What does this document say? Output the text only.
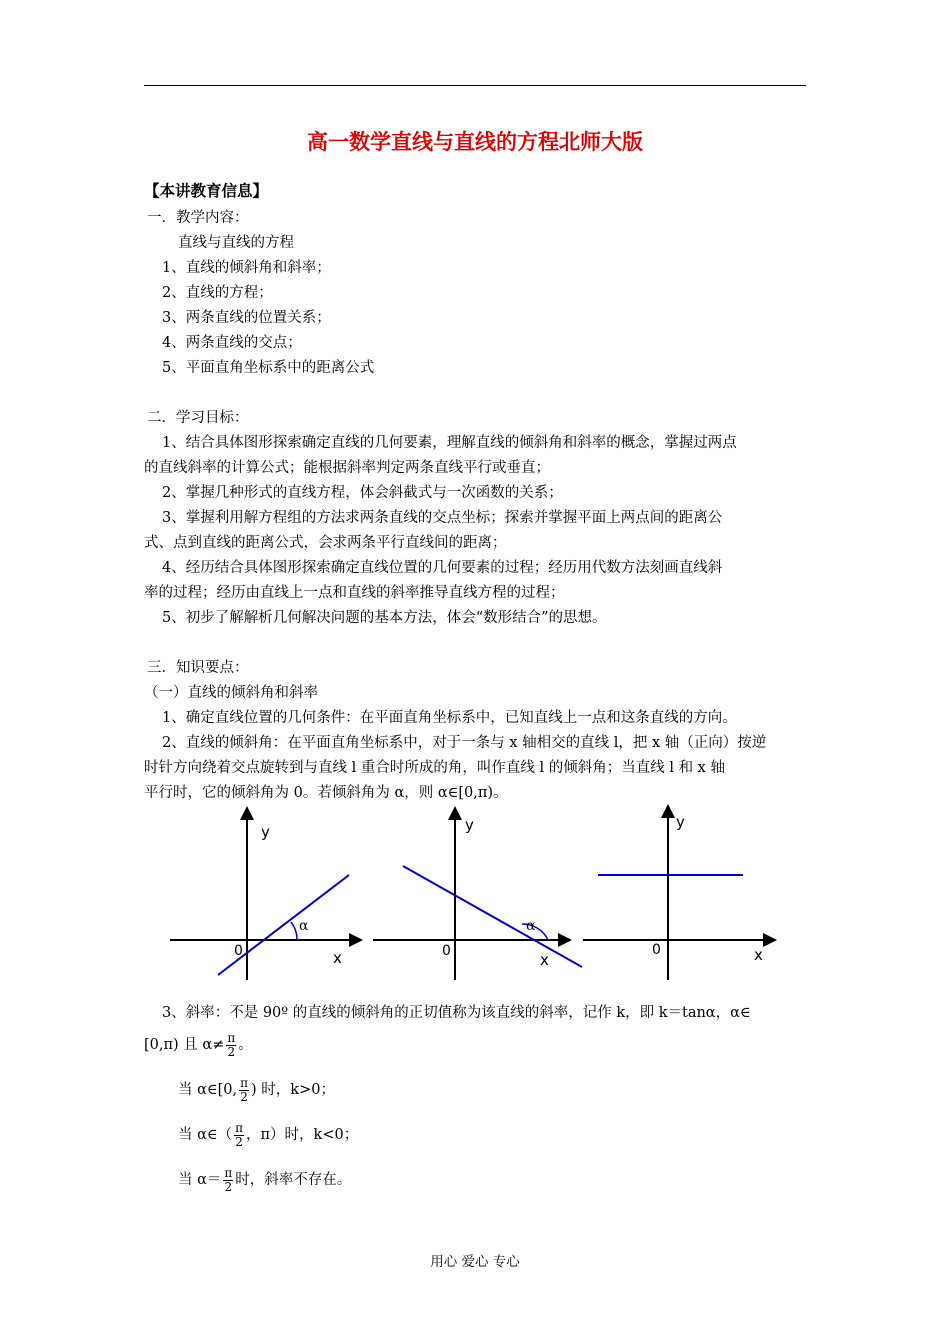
高一数学直线与直线的方程北师大版
【本讲教育信息】
一．教学内容：
直线与直线的方程
1、直线的倾斜角和斜率；
2、直线的方程；
3、两条直线的位置关系；
4、两条直线的交点；
5、平面直角坐标系中的距离公式
二．学习目标：
1、结合具体图形探索确定直线的几何要素，理解直线的倾斜角和斜率的概念，掌握过两点
的直线斜率的计算公式；能根据斜率判定两条直线平行或垂直；
2、掌握几种形式的直线方程，体会斜截式与一次函数的关系；
3、掌握利用解方程组的方法求两条直线的交点坐标；探索并掌握平面上两点间的距离公
式、点到直线的距离公式，会求两条平行直线间的距离；
4、经历结合具体图形探索确定直线位置的几何要素的过程；经历用代数方法刻画直线斜
率的过程；经历由直线上一点和直线的斜率推导直线方程的过程；
5、初步了解解析几何解决问题的基本方法，体会“数形结合”的思想。
三．知识要点：
（一）直线的倾斜角和斜率
1、确定直线位置的几何条件：在平面直角坐标系中，已知直线上一点和这条直线的方向。
2、直线的倾斜角：在平面直角坐标系中，对于一条与 x 轴相交的直线 l，把 x 轴（正向）按逆
时针方向绕着交点旋转到与直线 l 重合时所成的角，叫作直线 l 的倾斜角；当直线 l 和 x 轴
平行时，它的倾斜角为 0。若倾斜角为 α，则 α∈[0,π)。
y
x
0
α
y
x
0
α
y
x
0
3、斜率：不是 90º 的直线的倾斜角的正切值称为该直线的斜率，记作 k，即 k＝tanα，α∈
[0,π) 且 $\alpha\ne \frac{\pi}{2}$ 。
当 α∈[0, $\frac{\pi}{2}$ ) 时，k>0；
当 α∈（ $\frac{\pi}{2}$ ，π）时，k<0；
当 $\alpha= \frac{\pi}{2}$ 时，斜率不存在。
用心 爱心 专心
